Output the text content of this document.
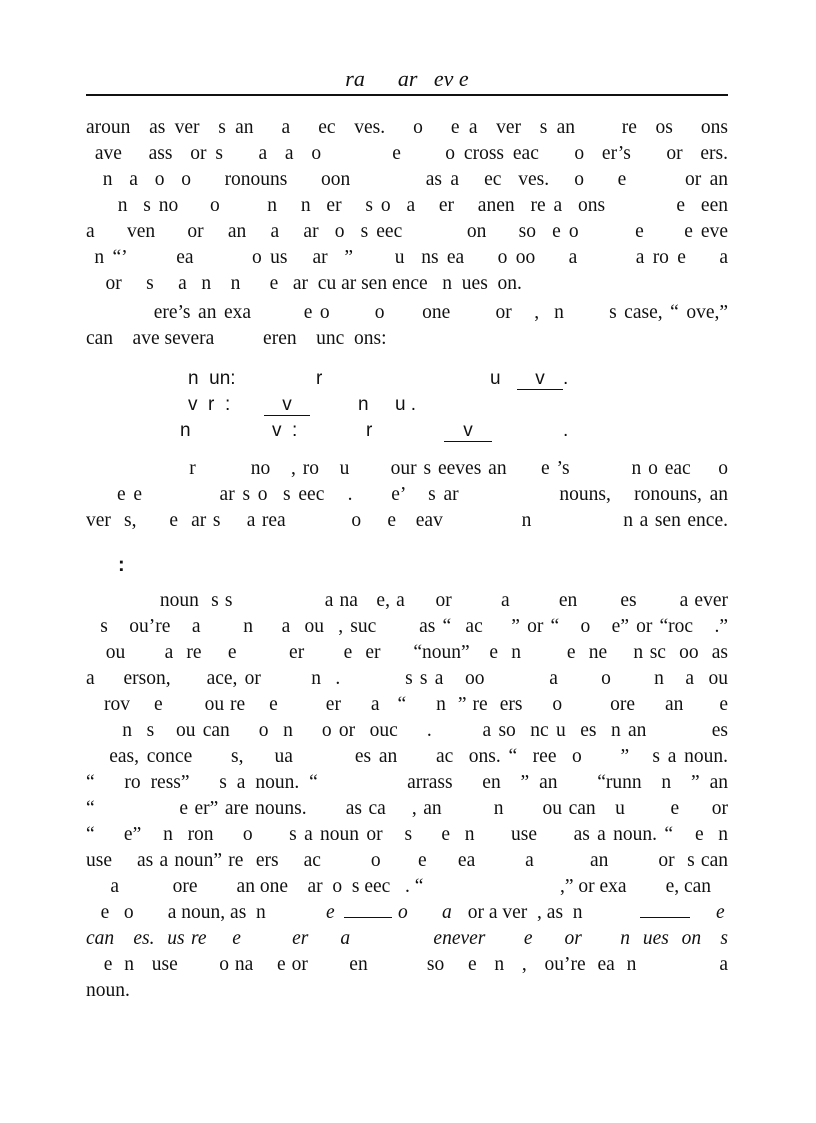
ra      ar   ev e
aroun  as ver  s an   a   ec  ves.   o   e a  ver  s an     re  os   ons
ave   ass  or s    a  a  o        e     o cross eac    o  er’s    or  ers.
n  a  o  o    ronouns    oon         as a   ec  ves.   o    e       or an
n  s no    o      n   n  er   s o  a   er   anen  re a  ons         e  een
a    ven    or   an   a   ar  o  s eec        on    so  e o       e     e eve
n “’      ea       o us   ar  ”     u  ns ea    o oo    a       a ro e    a
or     s     a   n    n      e   ar  cu ar sen ence   n  ues  on.
ere’s an exa       e o      o     one      or   ,  n      s case, “ ove,”
can    ave severa          eren    unc  ons:
n  un:	r	u	v .
v  r  :	v	n     u .
n	v  :	r	v	.
r        no   , ro   u      our s eeves an     e ’s         n o eac    o
e e          ar s o  s eec   .     e’   s ar             nouns,   ronouns, an
ver  s,     e  ar s    a rea          o    e   eav            n              n a sen ence.
:
noun  s s               a na   e, a     or        a        en       es       a ever
s   ou’re   a      n    a  ou  , suc      as “  ac    ” or “   o   e” or “roc   .”
ou      a  re    e        er      e  er     “noun”   e  n       e  ne    n sc  oo  as
a    erson,     ace, or       n  .         s s a   oo         a      o      n   a  ou
rov    e       ou re    e        er     a   “     n  ” re  ers     o        ore     an      e
n  s   ou can    o  n    o or  ouc    .       a so  nc u  es  n an         es
eas, conce     s,    ua        es an     ac  ons. “  ree  o     ”   s a noun.
“   ro ress”   s a noun. “         arrass   en  ” an    “runn  n  ” an
“             e er” are nouns.      as ca    , an        n      ou can   u       e     or
“    e”   n  ron    o     s a noun or   s    e  n     use     as a noun. “   e  n
use    as a noun” re  ers    ac        o      e     ea        a         an        or  s can
a           ore        an one    ar  o  s eec   . “	,” or exa        e, can
e   o       a noun, as  n	e	o a or a ver  , as  n	e
can   es.  us re    e        er     a             enever      e     or      n  ues  on   s
e  n   use       o na    e or       en          so    e   n   ,   ou’re  ea  n              a
noun.
